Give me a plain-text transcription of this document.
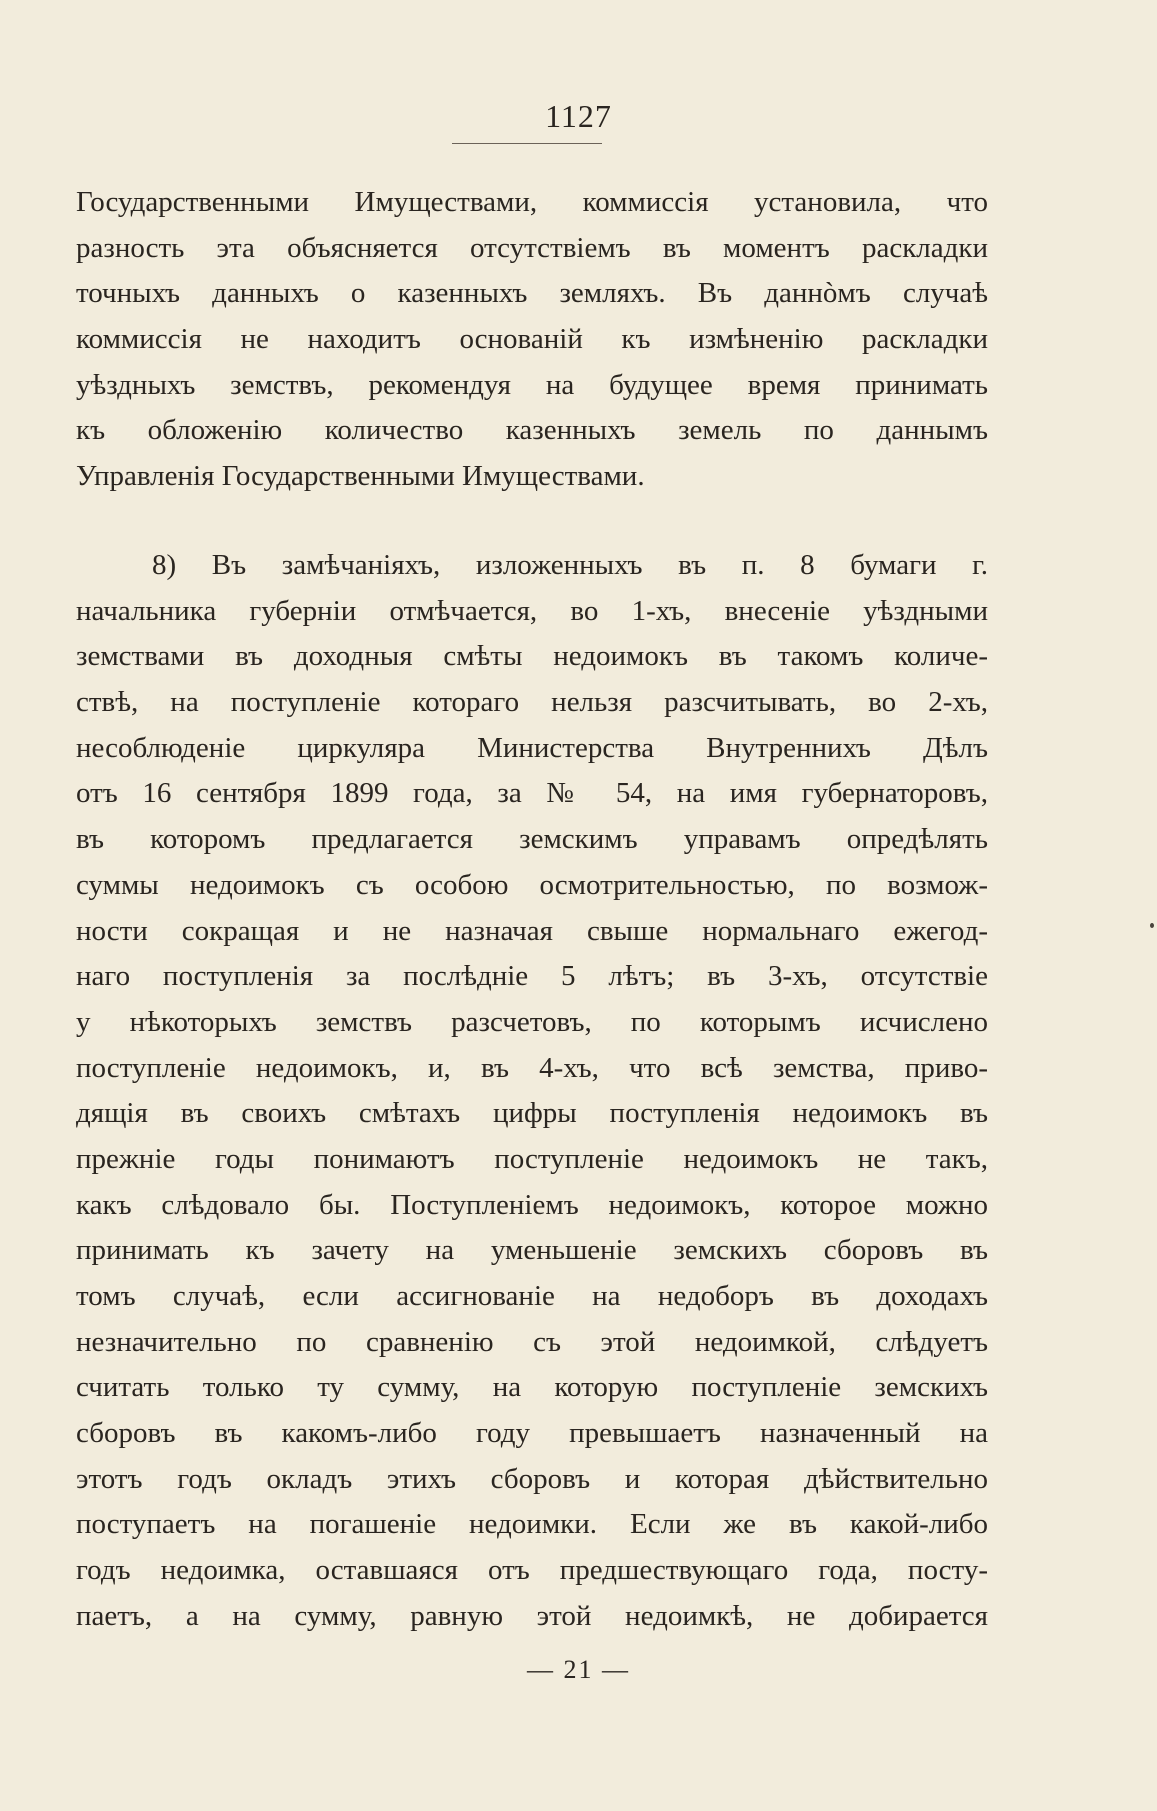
1127
Государственными Имуществами, коммиссія установила, что
разность эта объясняется отсутствіемъ въ моментъ раскладки
точныхъ данныхъ о казенныхъ земляхъ. Въ даннòмъ случаѣ
коммиссія не находитъ основаній къ измѣненію раскладки
уѣздныхъ земствъ, рекомендуя на будущее время принимать
къ обложенію количество казенныхъ земель по даннымъ
Управленія Государственными Имуществами.
8) Въ замѣчаніяхъ, изложенныхъ въ п. 8 бумаги г.
начальника губерніи отмѣчается, во 1-хъ, внесеніе уѣздными
земствами въ доходныя смѣты недоимокъ въ такомъ количе-
ствѣ, на поступленіе котораго нельзя разсчитывать, во 2-хъ,
несоблюденіе циркуляра Министерства Внутреннихъ Дѣлъ
отъ 16 сентября 1899 года, за № 54, на имя губернаторовъ,
въ которомъ предлагается земскимъ управамъ опредѣлять
суммы недоимокъ съ особою осмотрительностью, по возмож-
ности сокращая и не назначая свыше нормальнаго ежегод-
наго поступленія за послѣдніе 5 лѣтъ; въ 3-хъ, отсутствіе
у нѣкоторыхъ земствъ разсчетовъ, по которымъ исчислено
поступленіе недоимокъ, и, въ 4-хъ, что всѣ земства, приво-
дящія въ своихъ смѣтахъ цифры поступленія недоимокъ въ
прежніе годы понимаютъ поступленіе недоимокъ не такъ,
какъ слѣдовало бы. Поступленіемъ недоимокъ, которое можно
принимать къ зачету на уменьшеніе земскихъ сборовъ въ
томъ случаѣ, если ассигнованіе на недоборъ въ доходахъ
незначительно по сравненію съ этой недоимкой, слѣдуетъ
считать только ту сумму, на которую поступленіе земскихъ
сборовъ въ какомъ-либо году превышаетъ назначенный на
этотъ годъ окладъ этихъ сборовъ и которая дѣйствительно
поступаетъ на погашеніе недоимки. Если же въ какой-либо
годъ недоимка, оставшаяся отъ предшествующаго года, посту-
паетъ, а на сумму, равную этой недоимкѣ, не добирается
— 21 —
